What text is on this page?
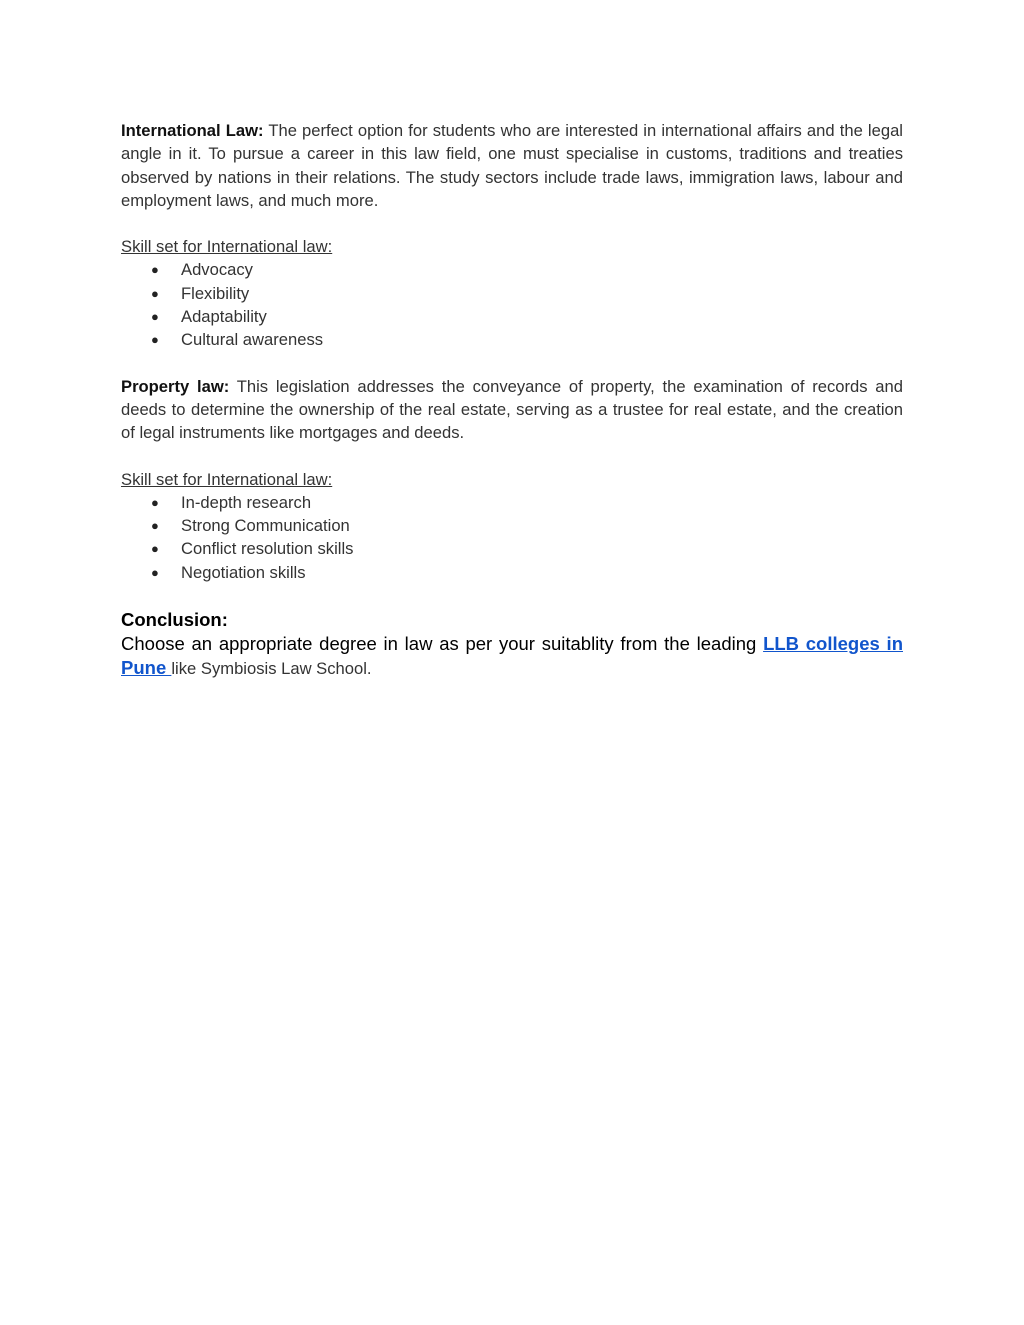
International Law: The perfect option for students who are interested in international affairs and the legal angle in it. To pursue a career in this law field, one must specialise in customs, traditions and treaties observed by nations in their relations. The study sectors include trade laws, immigration laws, labour and employment laws, and much more.

Skill set for International law:

● Advocacy
● Flexibility
● Adaptability
● Cultural awareness

Property law: This legislation addresses the conveyance of property, the examination of records and deeds to determine the ownership of the real estate, serving as a trustee for real estate, and the creation of legal instruments like mortgages and deeds.

Skill set for International law:

● In-depth research
● Strong Communication
● Conflict resolution skills
● Negotiation skills

Conclusion:

Choose an appropriate degree in law as per your suitablity from the leading LLB colleges in Pune like Symbiosis Law School.
